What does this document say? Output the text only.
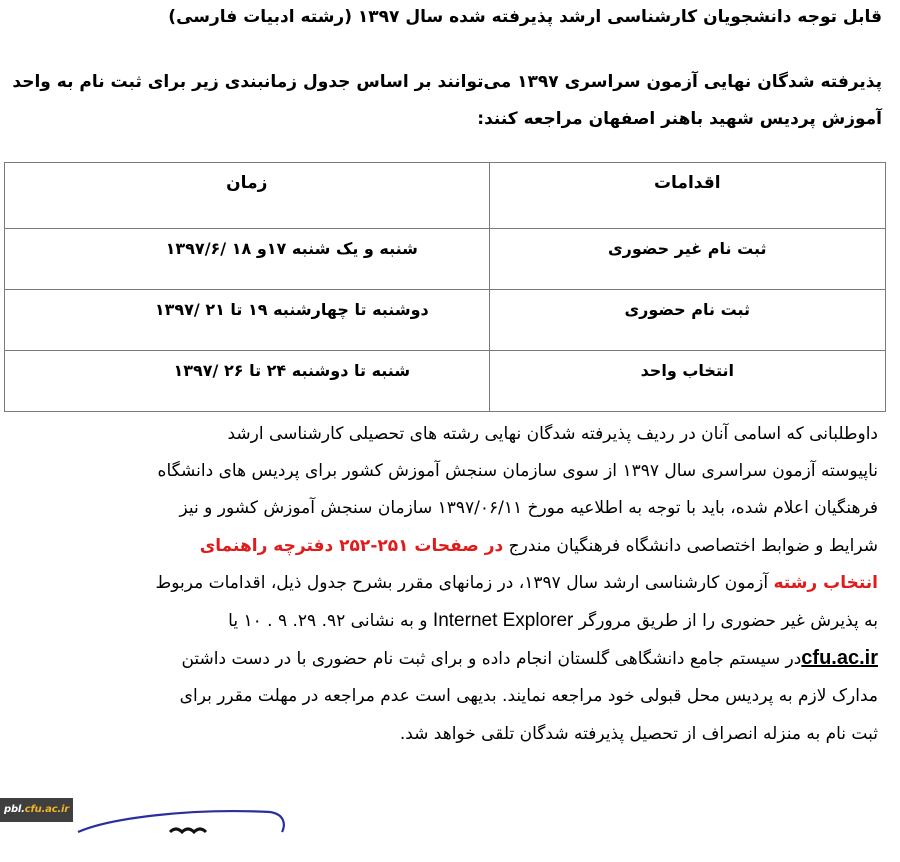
قابل توجه دانشجویان کارشناسی ارشد پذیرفته شده سال ۱۳۹۷ (رشته ادبیات فارسی)
پذیرفته شدگان نهایی آزمون سراسری ۱۳۹۷ می‌توانند بر اساس جدول زمانبندی زیر برای ثبت نام به واحد
آموزش پردیس شهید باهنر اصفهان مراجعه کنند:
اقدامات	زمان
ثبت نام غیر حضوری	شنبه و یک شنبه ۱۷و ۱۸ /۱۳۹۷/۶
ثبت نام حضوری	دوشنبه تا چهارشنبه ۱۹ تا ۲۱ /۱۳۹۷
انتخاب واحد	شنبه تا دوشنبه ۲۴ تا ۲۶ /۱۳۹۷
داوطلبانی که اسامی آنان در ردیف پذیرفته شدگان نهایی رشته های تحصیلی کارشناسی ارشد
ناپیوسته آزمون سراسری سال ۱۳۹۷ از سوی سازمان سنجش آموزش کشور برای پردیس های دانشگاه
فرهنگیان اعلام شده، باید با توجه به اطلاعیه مورخ ۱۳۹۷/۰۶/۱۱ سازمان سنجش آموزش کشور و نیز
شرایط و ضوابط اختصاصی دانشگاه فرهنگیان مندرج در صفحات ۲۵۱-۲۵۲ دفترچه راهنمای
انتخاب رشته آزمون کارشناسی ارشد سال ۱۳۹۷، در زمانهای مقرر بشرح جدول ذیل، اقدامات مربوط
به پذیرش غیر حضوری را از طریق مرورگر Internet Explorer و به نشانی ۹۲. ۲۹. ۹ . ۱۰ یا
cfu.ac.irدر سیستم جامع دانشگاهی گلستان انجام داده و برای ثبت نام حضوری با در دست داشتن
مدارک لازم به پردیس محل قبولی خود مراجعه نمایند. بدیهی است عدم مراجعه در مهلت مقرر برای
ثبت نام به منزله انصراف از تحصیل پذیرفته شدگان تلقی خواهد شد.
pbl.cfu.ac.ir
